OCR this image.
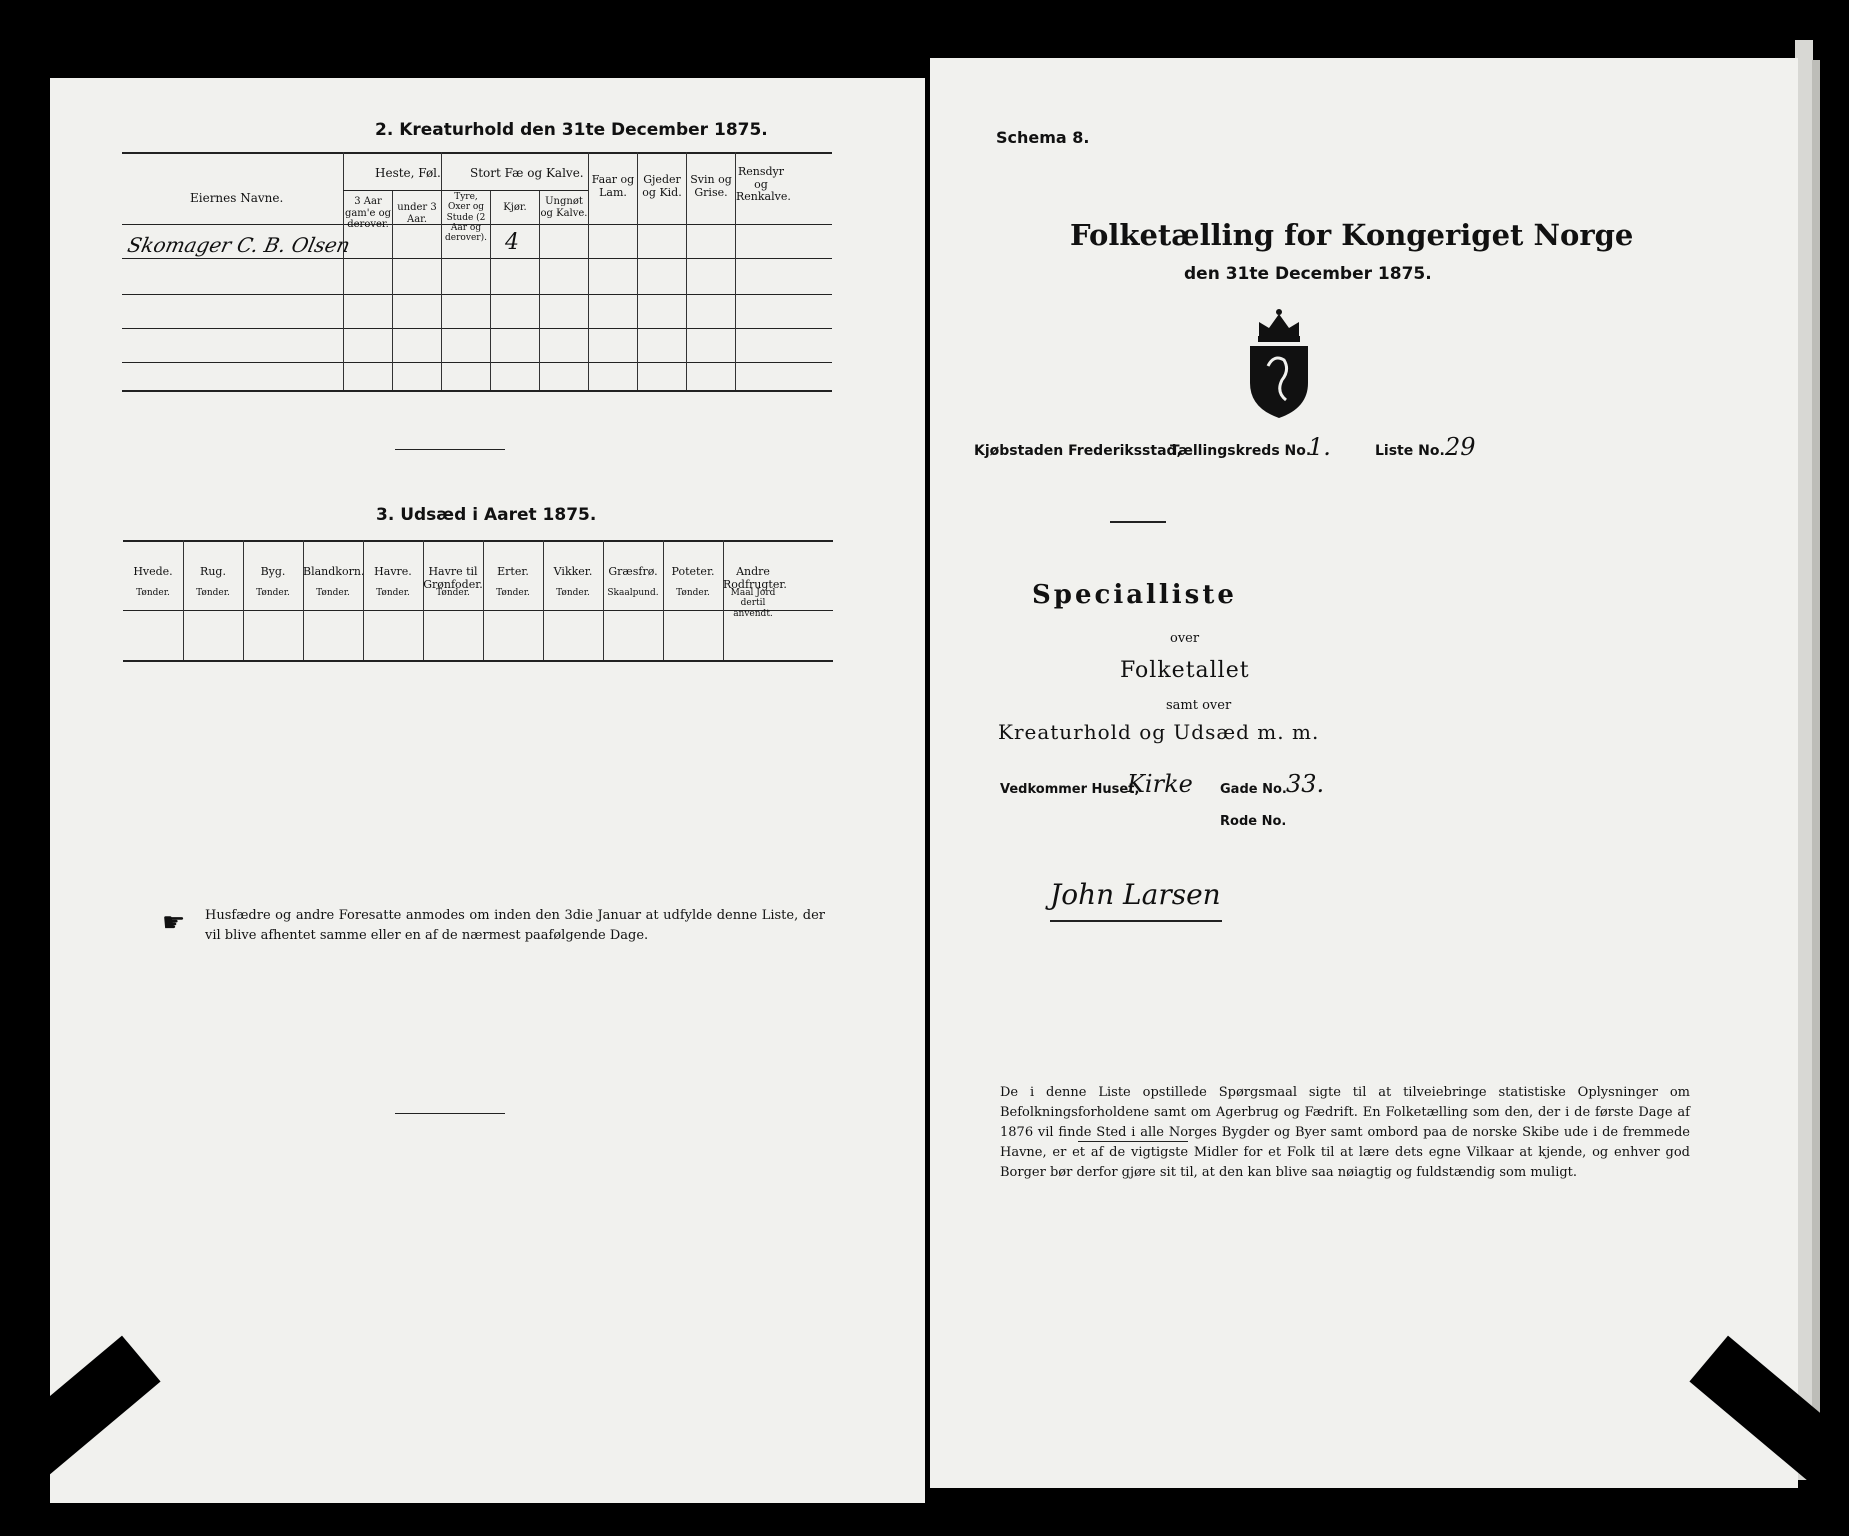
2. Kreaturhold den 31te December 1875.
Eiernes Navne.
Heste, Føl.
3 Aar gam'e og derover.
under 3 Aar.
Stort Fæ og Kalve.
Tyre, Oxer og Stude (2 Aar og derover).
Kjør.
Ungnøt og Kalve.
Faar og Lam.
Gjeder og Kid.
Svin og Grise.
Rensdyr og Renkalve.
Skomager C. B. Olsen	4
3. Udsæd i Aaret 1875.
☛ Husfædre og andre Foresatte anmodes om inden den 3die Januar at udfylde denne Liste, der vil blive afhentet samme eller en af de nærmest paafølgende Dage.
Hvede.
Tønder.
Rug.
Tønder.
Byg.
Tønder.
Blandkorn.
Tønder.
Havre.
Tønder.
Havre til Grønfoder.
Tønder.
Erter.
Tønder.
Vikker.
Tønder.
Græsfrø.
Skaalpund.
Poteter.
Tønder.
Andre Rodfrugter.
Maal Jord dertil anvendt.
Schema 8.
Folketælling for Kongeriget Norge
den 31te December 1875.
Kjøbstaden Frederiksstad,
Tællingskreds No.
1.	Liste No. 29
Specialliste
over
Folketallet
samt over
Kreaturhold og Udsæd m. m.
Vedkommer Huset,
Kirke Gade No. 33.
Rode No.
John Larsen
De i denne Liste opstillede Spørgsmaal sigte til at tilveiebringe statistiske Oplysninger om Befolkningsforholdene samt om Agerbrug og Fædrift. En Folketælling som den, der i de første Dage af 1876 vil finde Sted i alle Norges Bygder og Byer samt ombord paa de norske Skibe ude i de fremmede Havne, er et af de vigtigste Midler for et Folk til at lære dets egne Vilkaar at kjende, og enhver god Borger bør derfor gjøre sit til, at den kan blive saa nøiagtig og fuldstændig som muligt.
